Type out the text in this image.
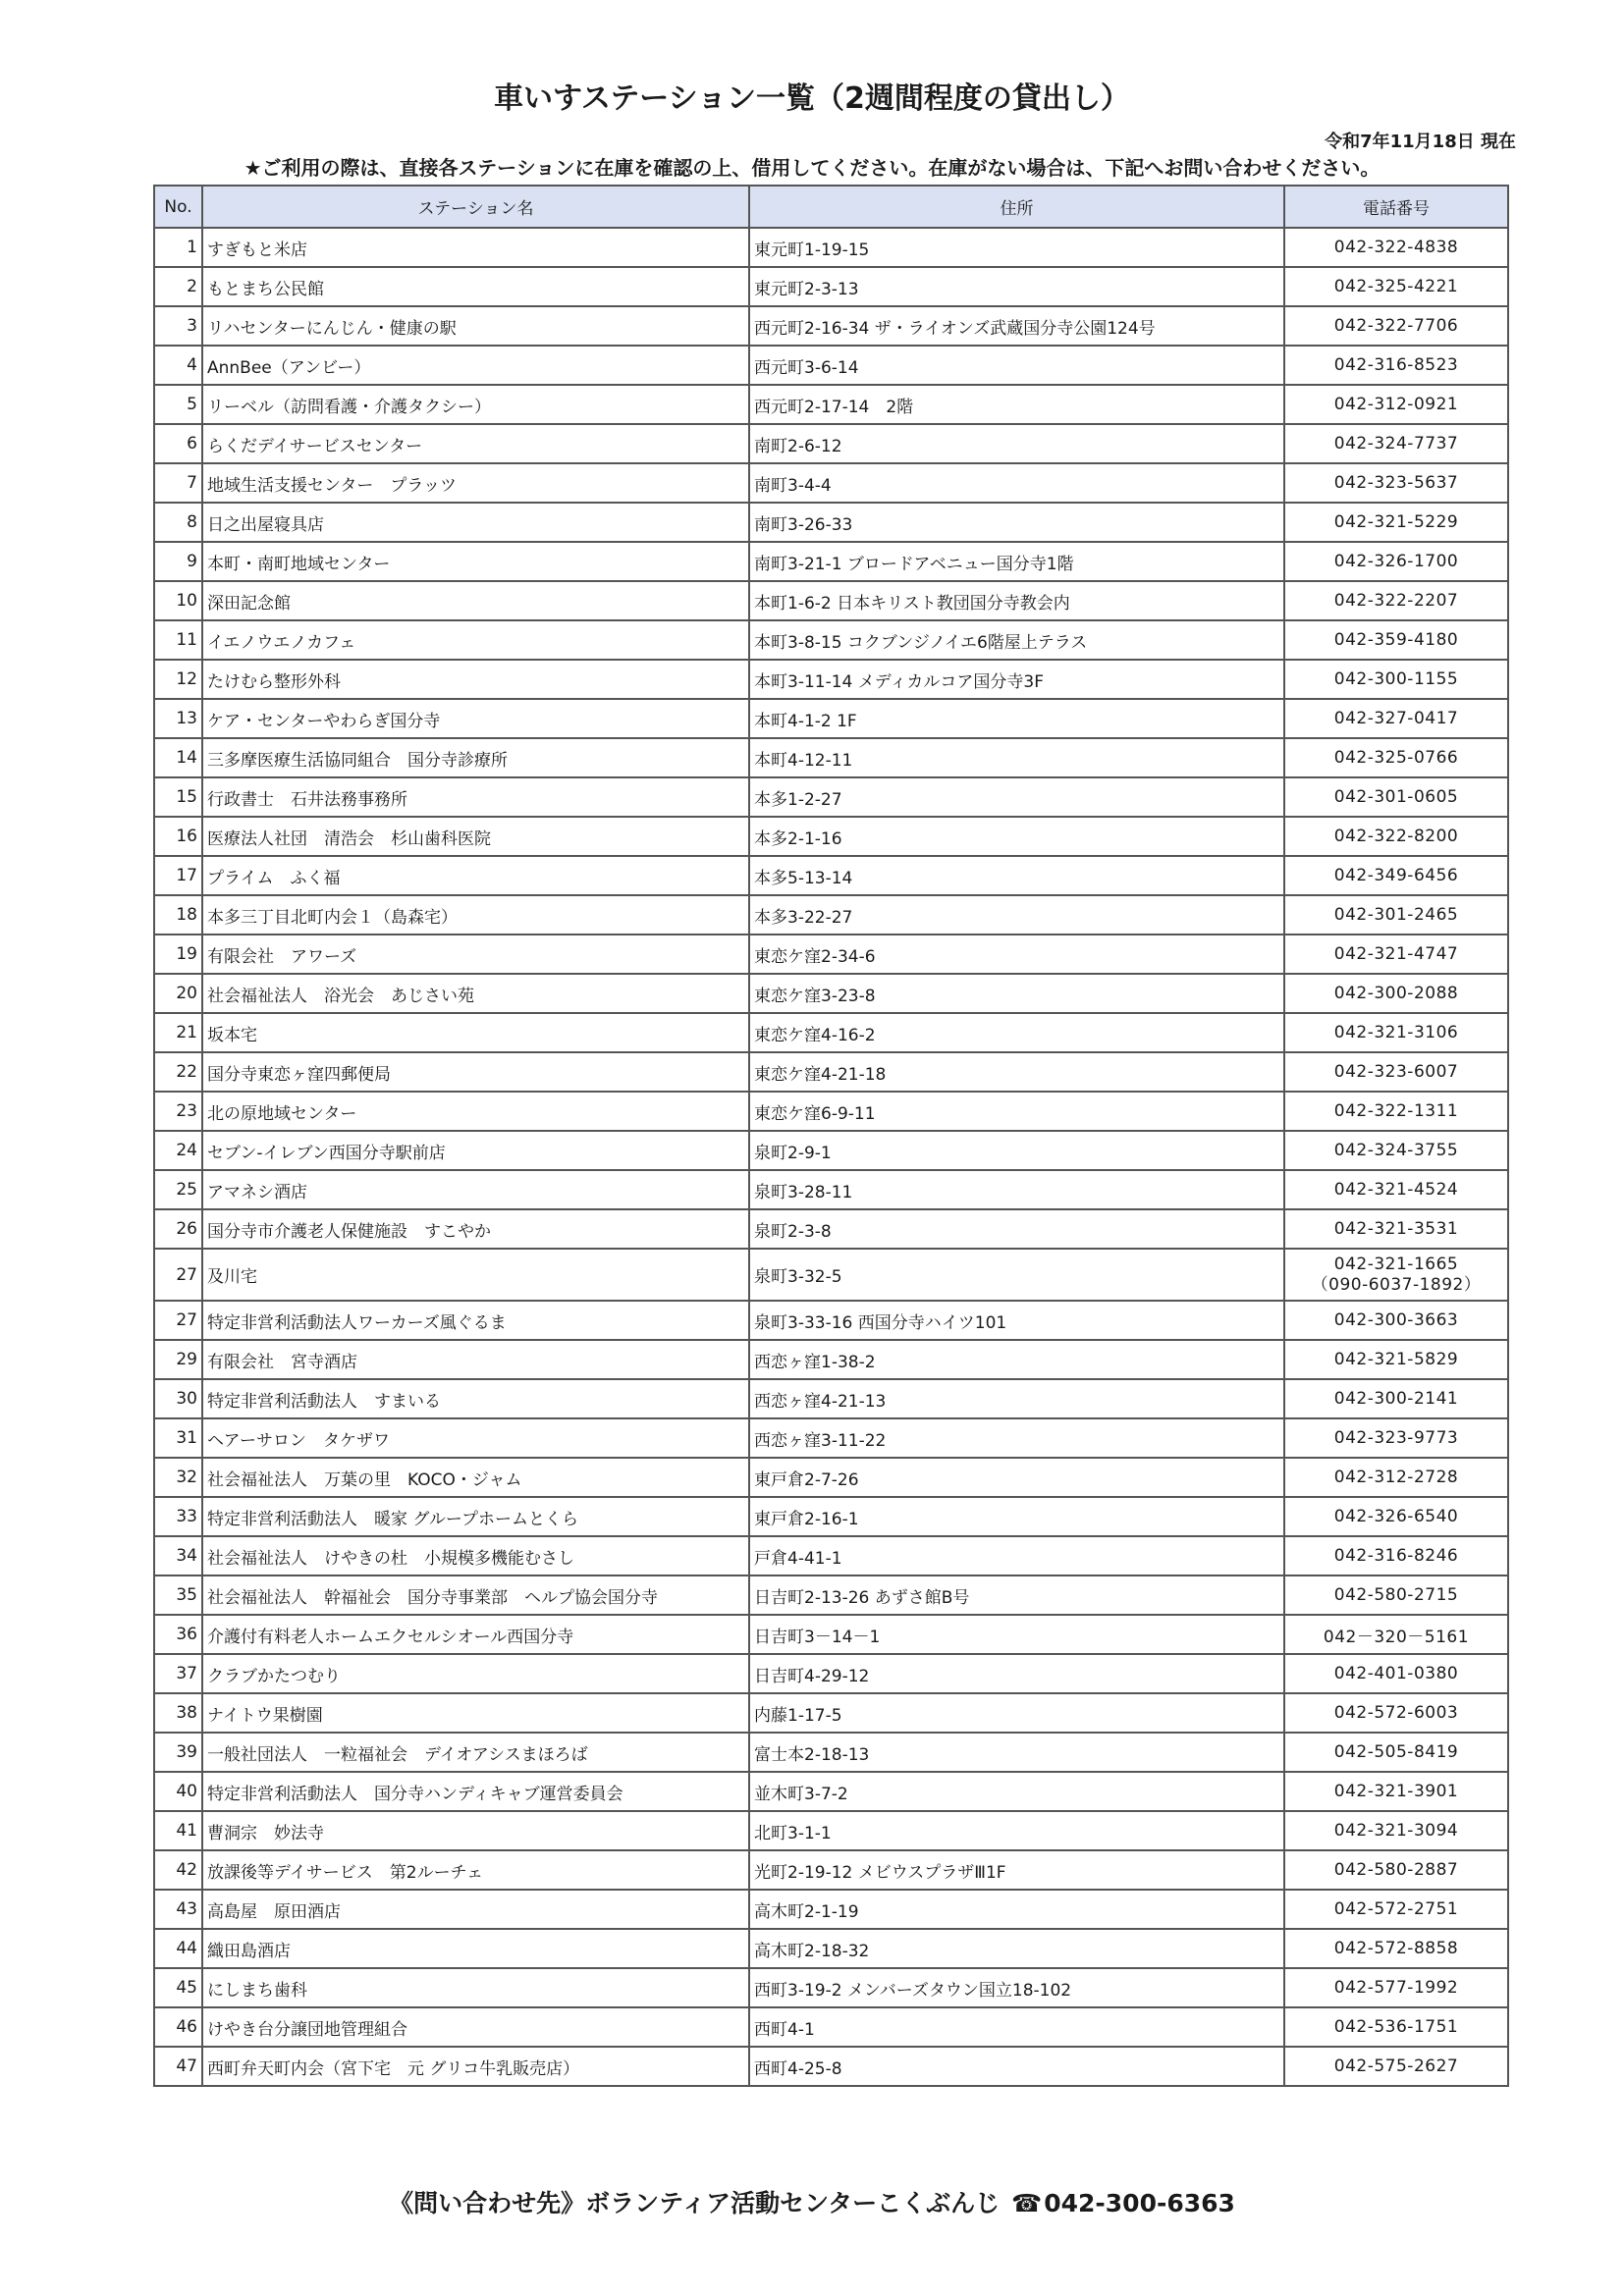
車いすステーション一覧（2週間程度の貸出し）
令和7年11月18日 現在
★ご利用の際は、直接各ステーションに在庫を確認の上、借用してください。在庫がない場合は、下記へお問い合わせください。
No.	ステーション名	住所	電話番号
1	すぎもと米店	東元町1-19-15	042-322-4838
2	もとまち公民館	東元町2-3-13	042-325-4221
3	リハセンターにんじん・健康の駅	西元町2-16-34 ザ・ライオンズ武蔵国分寺公園124号	042-322-7706
4	AnnBee（アンビー）	西元町3-6-14	042-316-8523
5	リーベル（訪問看護・介護タクシー）	西元町2-17-14　2階	042-312-0921
6	らくだデイサービスセンター	南町2-6-12	042-324-7737
7	地域生活支援センター　プラッツ	南町3-4-4	042-323-5637
8	日之出屋寝具店	南町3-26-33	042-321-5229
9	本町・南町地域センター	南町3-21-1 ブロードアベニュー国分寺1階	042-326-1700
10	深田記念館	本町1-6-2 日本キリスト教団国分寺教会内	042-322-2207
11	イエノウエノカフェ	本町3-8-15 コクブンジノイエ6階屋上テラス	042-359-4180
12	たけむら整形外科	本町3-11-14 メディカルコア国分寺3F	042-300-1155
13	ケア・センターやわらぎ国分寺	本町4-1-2 1F	042-327-0417
14	三多摩医療生活協同組合　国分寺診療所	本町4-12-11	042-325-0766
15	行政書士　石井法務事務所	本多1-2-27	042-301-0605
16	医療法人社団　清浩会　杉山歯科医院	本多2-1-16	042-322-8200
17	プライム　ふく福	本多5-13-14	042-349-6456
18	本多三丁目北町内会１（島森宅）	本多3-22-27	042-301-2465
19	有限会社　アワーズ	東恋ケ窪2-34-6	042-321-4747
20	社会福祉法人　浴光会　あじさい苑	東恋ケ窪3-23-8	042-300-2088
21	坂本宅	東恋ケ窪4-16-2	042-321-3106
22	国分寺東恋ヶ窪四郵便局	東恋ケ窪4-21-18	042-323-6007
23	北の原地域センター	東恋ケ窪6-9-11	042-322-1311
24	セブン-イレブン西国分寺駅前店	泉町2-9-1	042-324-3755
25	アマネシ酒店	泉町3-28-11	042-321-4524
26	国分寺市介護老人保健施設　すこやか	泉町2-3-8	042-321-3531
27	及川宅	泉町3-32-5	042-321-1665
（090-6037-1892）

27	特定非営利活動法人ワーカーズ風ぐるま	泉町3-33-16 西国分寺ハイツ101	042-300-3663
29	有限会社　宮寺酒店	西恋ヶ窪1-38-2	042-321-5829
30	特定非営利活動法人　すまいる	西恋ヶ窪4-21-13	042-300-2141
31	ヘアーサロン　タケザワ	西恋ヶ窪3-11-22	042-323-9773
32	社会福祉法人　万葉の里　KOCO・ジャム	東戸倉2-7-26	042-312-2728
33	特定非営利活動法人　暖家 グループホームとくら	東戸倉2-16-1	042-326-6540
34	社会福祉法人　けやきの杜　小規模多機能むさし	戸倉4-41-1	042-316-8246
35	社会福祉法人　幹福祉会　国分寺事業部　ヘルプ協会国分寺	日吉町2-13-26 あずさ館B号	042-580-2715
36	介護付有料老人ホームエクセルシオール西国分寺	日吉町3－14－1	042－320－5161
37	クラブかたつむり	日吉町4-29-12	042-401-0380
38	ナイトウ果樹園	内藤1-17-5	042-572-6003
39	一般社団法人　一粒福祉会　デイオアシスまほろば	富士本2-18-13	042-505-8419
40	特定非営利活動法人　国分寺ハンディキャブ運営委員会	並木町3-7-2	042-321-3901
41	曹洞宗　妙法寺	北町3-1-1	042-321-3094
42	放課後等デイサービス　第2ルーチェ	光町2-19-12 メビウスプラザⅢ1F	042-580-2887
43	高島屋　原田酒店	高木町2-1-19	042-572-2751
44	織田島酒店	高木町2-18-32	042-572-8858
45	にしまち歯科	西町3-19-2 メンバーズタウン国立18-102	042-577-1992
46	けやき台分譲団地管理組合	西町4-1	042-536-1751
47	西町弁天町内会（宮下宅　元 グリコ牛乳販売店）	西町4-25-8	042-575-2627
《問い合わせ先》ボランティア活動センターこくぶんじ ☎042-300-6363
